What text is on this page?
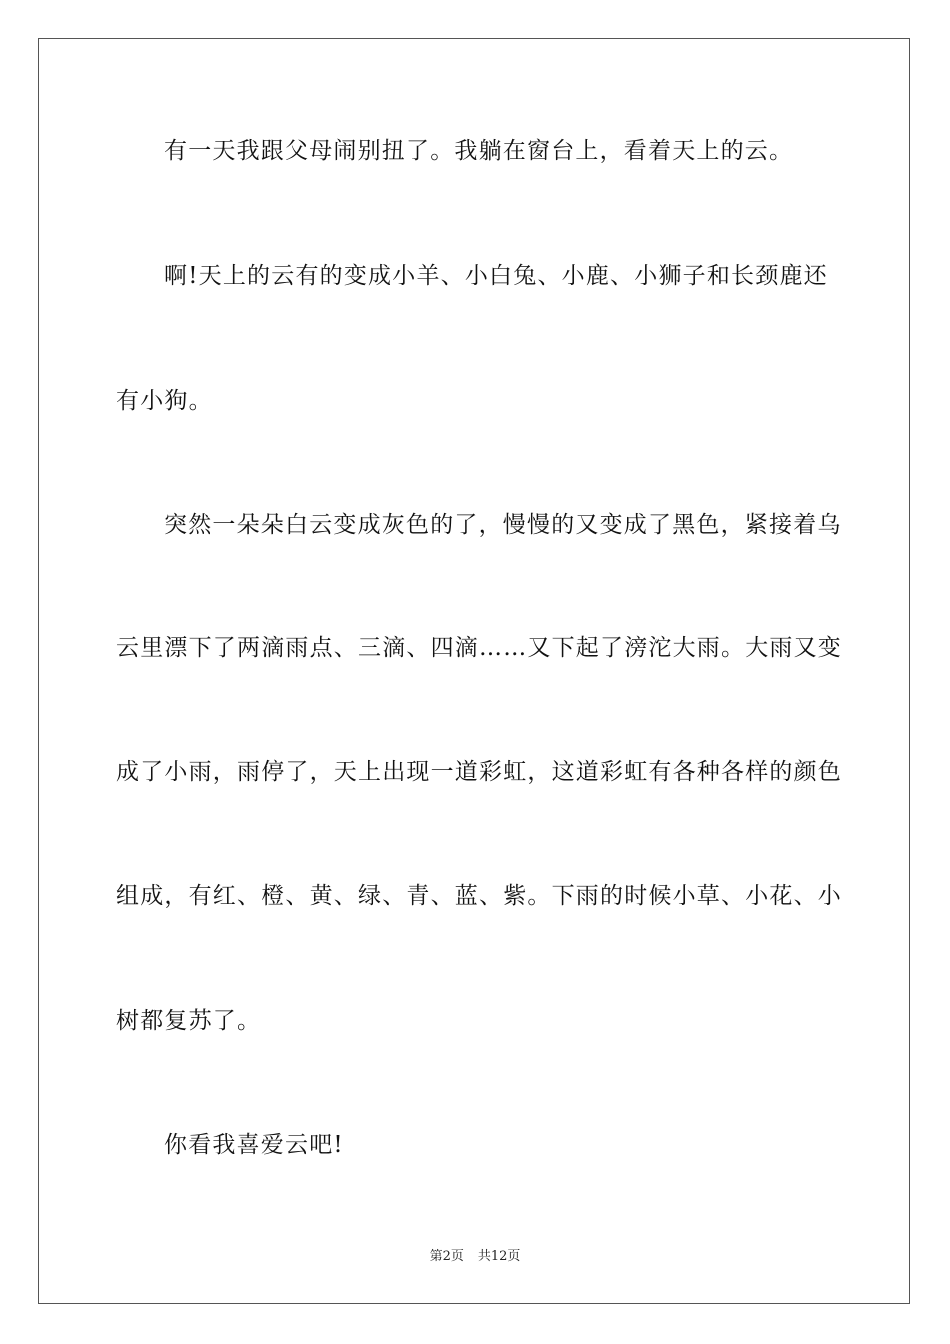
有一天我跟父母闹别扭了。我躺在窗台上，看着天上的云。
啊!天上的云有的变成小羊、小白兔、小鹿、小狮子和长颈鹿还
有小狗。
突然一朵朵白云变成灰色的了，慢慢的又变成了黑色，紧接着乌
云里漂下了两滴雨点、三滴、四滴……又下起了滂沱大雨。大雨又变
成了小雨，雨停了，天上出现一道彩虹，这道彩虹有各种各样的颜色
组成，有红、橙、黄、绿、青、蓝、紫。下雨的时候小草、小花、小
树都复苏了。
你看我喜爱云吧!
第2页 共12页
